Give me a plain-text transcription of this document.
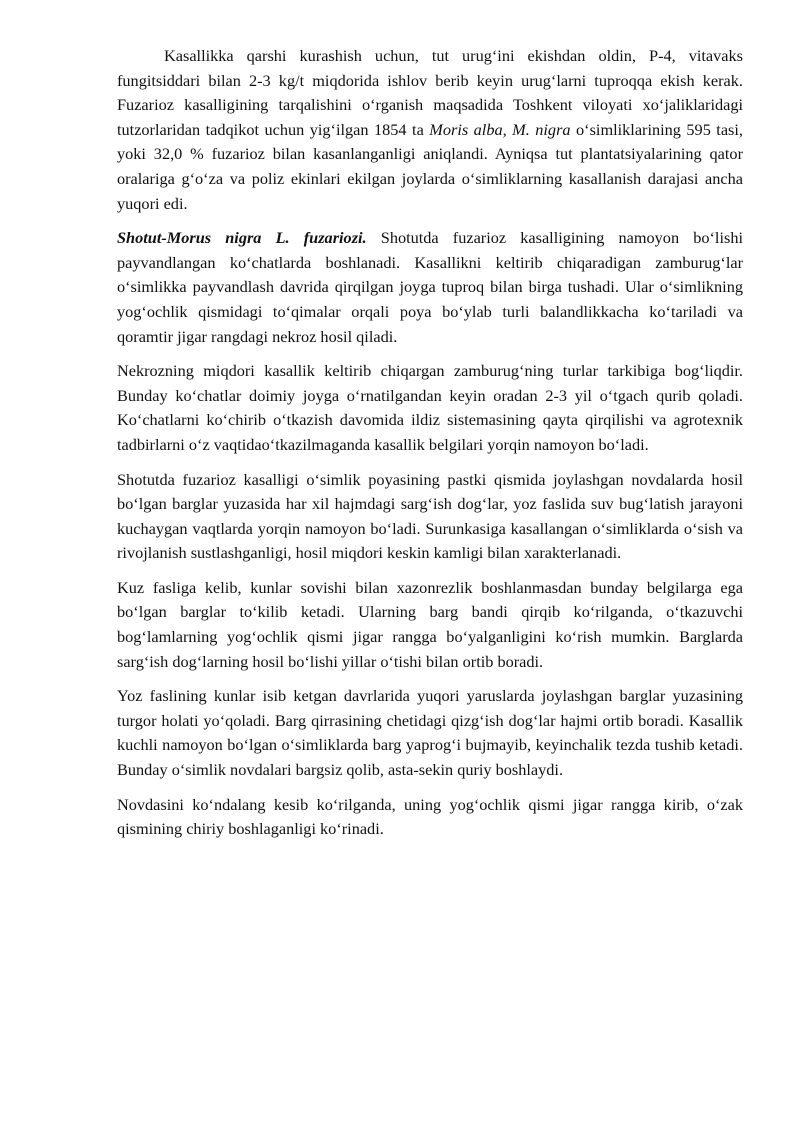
Kasallikka qarshi kurashish uchun, tut urug‘ini ekishdan oldin, P-4, vitavaks fungitsiddari bilan 2-3 kg/t miqdorida ishlov berib keyin urug‘larni tuproqqa ekish kerak. Fuzarioz kasalligining tarqalishini o‘rganish maqsadida Toshkent viloyati xo‘jaliklaridagi tutzorlaridan tadqikot uchun yig‘ilgan 1854 ta Moris alba, M. nigra o‘simliklarining 595 tasi, yoki 32,0 % fuzarioz bilan kasanlanganligi aniqlandi. Ayniqsa tut plantatsiyalarining qator oralariga g‘o‘za va poliz ekinlari ekilgan joylarda o‘simliklarning kasallanish darajasi ancha yuqori edi.

Shotut-Morus nigra L. fuzariozi. Shotutda fuzarioz kasalligining namoyon bo‘lishi payvandlangan ko‘chatlarda boshlanadi. Kasallikni keltirib chiqaradigan zamburug‘lar o‘simlikka payvandlash davrida qirqilgan joyga tuproq bilan birga tushadi. Ular o‘simlikning yog‘ochlik qismidagi to‘qimalar orqali poya bo‘ylab turli balandlikkacha ko‘tariladi va qoramtir jigar rangdagi nekroz hosil qiladi.

Nekrozning miqdori kasallik keltirib chiqargan zamburug‘ning turlar tarkibiga bog‘liqdir. Bunday ko‘chatlar doimiy joyga o‘rnatilgandan keyin oradan 2-3 yil o‘tgach qurib qoladi. Ko‘chatlarni ko‘chirib o‘tkazish davomida ildiz sistemasining qayta qirqilishi va agrotexnik tadbirlarni o‘z vaqtidao‘tkazilmaganda kasallik belgilari yorqin namoyon bo‘ladi.

Shotutda fuzarioz kasalligi o‘simlik poyasining pastki qismida joylashgan novdalarda hosil bo‘lgan barglar yuzasida har xil hajmdagi sarg‘ish dog‘lar, yoz faslida suv bug‘latish jarayoni kuchaygan vaqtlarda yorqin namoyon bo‘ladi. Surunkasiga kasallangan o‘simliklarda o‘sish va rivojlanish sustlashganligi, hosil miqdori keskin kamligi bilan xarakterlanadi.

Kuz fasliga kelib, kunlar sovishi bilan xazonrezlik boshlanmasdan bunday belgilarga ega bo‘lgan barglar to‘kilib ketadi. Ularning barg bandi qirqib ko‘rilganda, o‘tkazuvchi bog‘lamlarning yog‘ochlik qismi jigar rangga bo‘yalganligini ko‘rish mumkin. Barglarda sarg‘ish dog‘larning hosil bo‘lishi yillar o‘tishi bilan ortib boradi.

Yoz faslining kunlar isib ketgan davrlarida yuqori yaruslarda joylashgan barglar yuzasining turgor holati yo‘qoladi. Barg qirrasining chetidagi qizg‘ish dog‘lar hajmi ortib boradi. Kasallik kuchli namoyon bo‘lgan o‘simliklarda barg yaprog‘i bujmayib, keyinchalik tezda tushib ketadi. Bunday o‘simlik novdalari bargsiz qolib, asta-sekin quriy boshlaydi.

Novdasini ko‘ndalang kesib ko‘rilganda, uning yog‘ochlik qismi jigar rangga kirib, o‘zak qismining chiriy boshlaganligi ko‘rinadi.
